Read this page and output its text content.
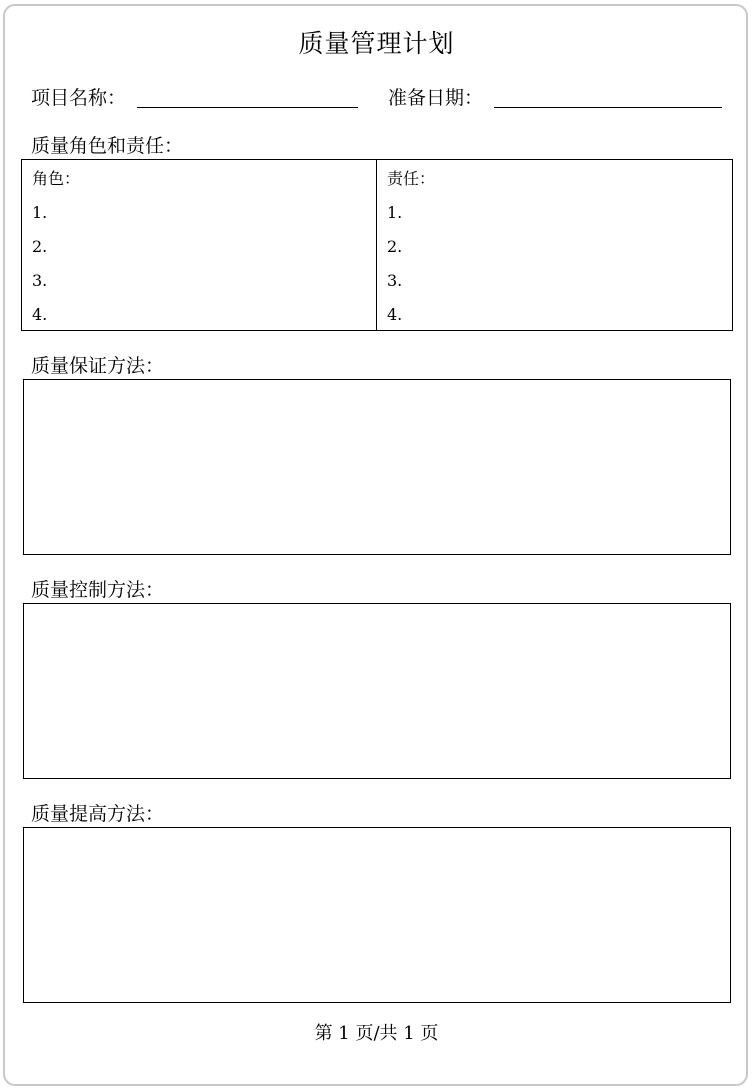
质量管理计划
项目名称：	准备日期：
质量角色和责任：
角色：
1.
2.
3.
4.
责任：
1.
2.
3.
4.
质量保证方法：
质量控制方法：
质量提高方法：
第 1 页/共 1 页
